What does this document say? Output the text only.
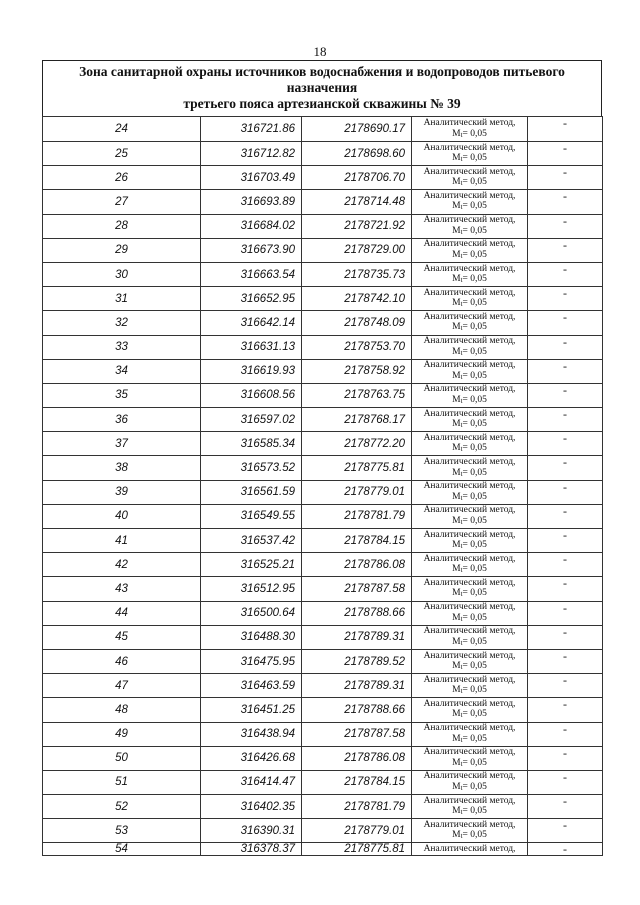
18
Зона санитарной охраны источников водоснабжения и водопроводов питьевого назначения
третьего пояса артезианской скважины № 39
24	316721.86	2178690.17	Аналитический метод,
$M_t= 0,05$	-
25	316712.82	2178698.60	Аналитический метод,
$M_t= 0,05$	-
26	316703.49	2178706.70	Аналитический метод,
$M_t= 0,05$	-
27	316693.89	2178714.48	Аналитический метод,
$M_t= 0,05$	-
28	316684.02	2178721.92	Аналитический метод,
$M_t= 0,05$	-
29	316673.90	2178729.00	Аналитический метод,
$M_t= 0,05$	-
30	316663.54	2178735.73	Аналитический метод,
$M_t= 0,05$	-
31	316652.95	2178742.10	Аналитический метод,
$M_t= 0,05$	-
32	316642.14	2178748.09	Аналитический метод,
$M_t= 0,05$	-
33	316631.13	2178753.70	Аналитический метод,
$M_t= 0,05$	-
34	316619.93	2178758.92	Аналитический метод,
$M_t= 0,05$	-
35	316608.56	2178763.75	Аналитический метод,
$M_t= 0,05$	-
36	316597.02	2178768.17	Аналитический метод,
$M_t= 0,05$	-
37	316585.34	2178772.20	Аналитический метод,
$M_t= 0,05$	-
38	316573.52	2178775.81	Аналитический метод,
$M_t= 0,05$	-
39	316561.59	2178779.01	Аналитический метод,
$M_t= 0,05$	-
40	316549.55	2178781.79	Аналитический метод,
$M_t= 0,05$	-
41	316537.42	2178784.15	Аналитический метод,
$M_t= 0,05$	-
42	316525.21	2178786.08	Аналитический метод,
$M_t= 0,05$	-
43	316512.95	2178787.58	Аналитический метод,
$M_t= 0,05$	-
44	316500.64	2178788.66	Аналитический метод,
$M_t= 0,05$	-
45	316488.30	2178789.31	Аналитический метод,
$M_t= 0,05$	-
46	316475.95	2178789.52	Аналитический метод,
$M_t= 0,05$	-
47	316463.59	2178789.31	Аналитический метод,
$M_t= 0,05$	-
48	316451.25	2178788.66	Аналитический метод,
$M_t= 0,05$	-
49	316438.94	2178787.58	Аналитический метод,
$M_t= 0,05$	-
50	316426.68	2178786.08	Аналитический метод,
$M_t= 0,05$	-
51	316414.47	2178784.15	Аналитический метод,
$M_t= 0,05$	-
52	316402.35	2178781.79	Аналитический метод,
$M_t= 0,05$	-
53	316390.31	2178779.01	Аналитический метод,
$M_t= 0,05$	-
54	316378.37	2178775.81	Аналитический метод,	-
